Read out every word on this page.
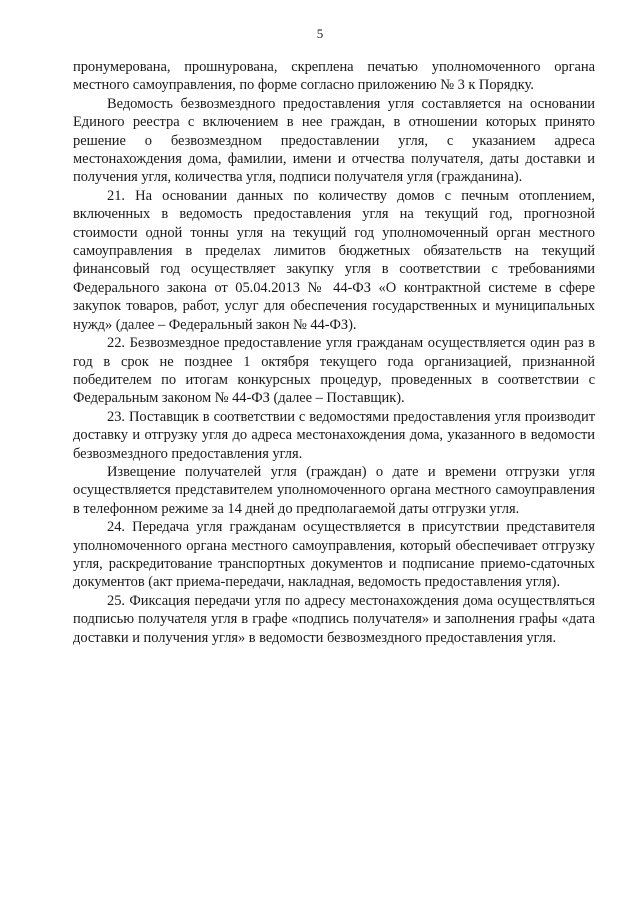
5

пронумерована, прошнурована, скреплена печатью уполномоченного органа местного самоуправления, по форме согласно приложению № 3 к Порядку.

Ведомость безвозмездного предоставления угля составляется на основании Единого реестра с включением в нее граждан, в отношении которых принято решение о безвозмездном предоставлении угля, с указанием адреса местонахождения дома, фамилии, имени и отчества получателя, даты доставки и получения угля, количества угля, подписи получателя угля (гражданина).

21. На основании данных по количеству домов с печным отоплением, включенных в ведомость предоставления угля на текущий год, прогнозной стоимости одной тонны угля на текущий год уполномоченный орган местного самоуправления в пределах лимитов бюджетных обязательств на текущий финансовый год осуществляет закупку угля в соответствии с требованиями Федерального закона от 05.04.2013 № 44-ФЗ «О контрактной системе в сфере закупок товаров, работ, услуг для обеспечения государственных и муниципальных нужд» (далее – Федеральный закон № 44-ФЗ).

22. Безвозмездное предоставление угля гражданам осуществляется один раз в год в срок не позднее 1 октября текущего года организацией, признанной победителем по итогам конкурсных процедур, проведенных в соответствии с Федеральным законом № 44-ФЗ (далее – Поставщик).

23. Поставщик в соответствии с ведомостями предоставления угля производит доставку и отгрузку угля до адреса местонахождения дома, указанного в ведомости безвозмездного предоставления угля.

Извещение получателей угля (граждан) о дате и времени отгрузки угля осуществляется представителем уполномоченного органа местного самоуправления в телефонном режиме за 14 дней до предполагаемой даты отгрузки угля.

24. Передача угля гражданам осуществляется в присутствии представителя уполномоченного органа местного самоуправления, который обеспечивает отгрузку угля, раскредитование транспортных документов и подписание приемо-сдаточных документов (акт приема-передачи, накладная, ведомость предоставления угля).

25. Фиксация передачи угля по адресу местонахождения дома осуществляться подписью получателя угля в графе «подпись получателя» и заполнения графы «дата доставки и получения угля» в ведомости безвозмездного предоставления угля.
